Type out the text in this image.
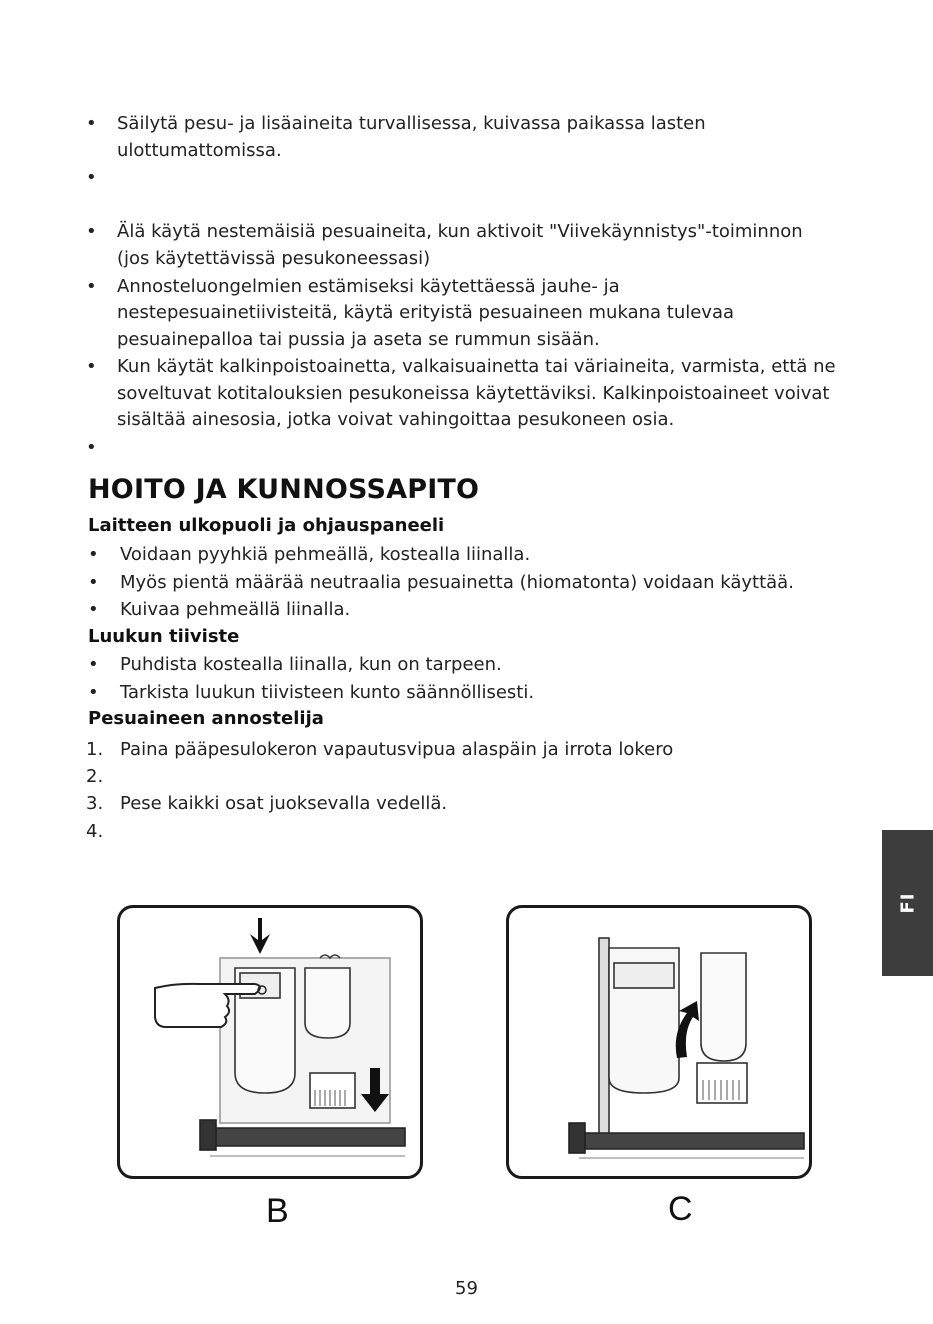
• Säilytä pesu- ja lisäaineita turvallisessa, kuivassa paikassa lasten
ulottumattomissa.
•
• Älä käytä nestemäisiä pesuaineita, kun aktivoit "Viivekäynnistys"-toiminnon
(jos käytettävissä pesukoneessasi)
• Annosteluongelmien estämiseksi käytettäessä jauhe- ja
nestepesuainetiivisteitä, käytä erityistä pesuaineen mukana tulevaa
pesuainepalloa tai pussia ja aseta se rummun sisään.
• Kun käytät kalkinpoistoainetta, valkaisuainetta tai väriaineita, varmista, että ne
soveltuvat kotitalouksien pesukoneissa käytettäviksi. Kalkinpoistoaineet voivat
sisältää ainesosia, jotka voivat vahingoittaa pesukoneen osia.
•
HOITO JA KUNNOSSAPITO
Laitteen ulkopuoli ja ohjauspaneeli
• Voidaan pyyhkiä pehmeällä, kostealla liinalla.
• Myös pientä määrää neutraalia pesuainetta (hiomatonta) voidaan käyttää.
• Kuivaa pehmeällä liinalla.
Luukun tiiviste
• Puhdista kostealla liinalla, kun on tarpeen.
• Tarkista luukun tiivisteen kunto säännöllisesti.
Pesuaineen annostelija
1. Paina pääpesulokeron vapautusvipua alaspäin ja irrota lokero
2.
3. Pese kaikki osat juoksevalla vedellä.
4.
FI
B	C
59
